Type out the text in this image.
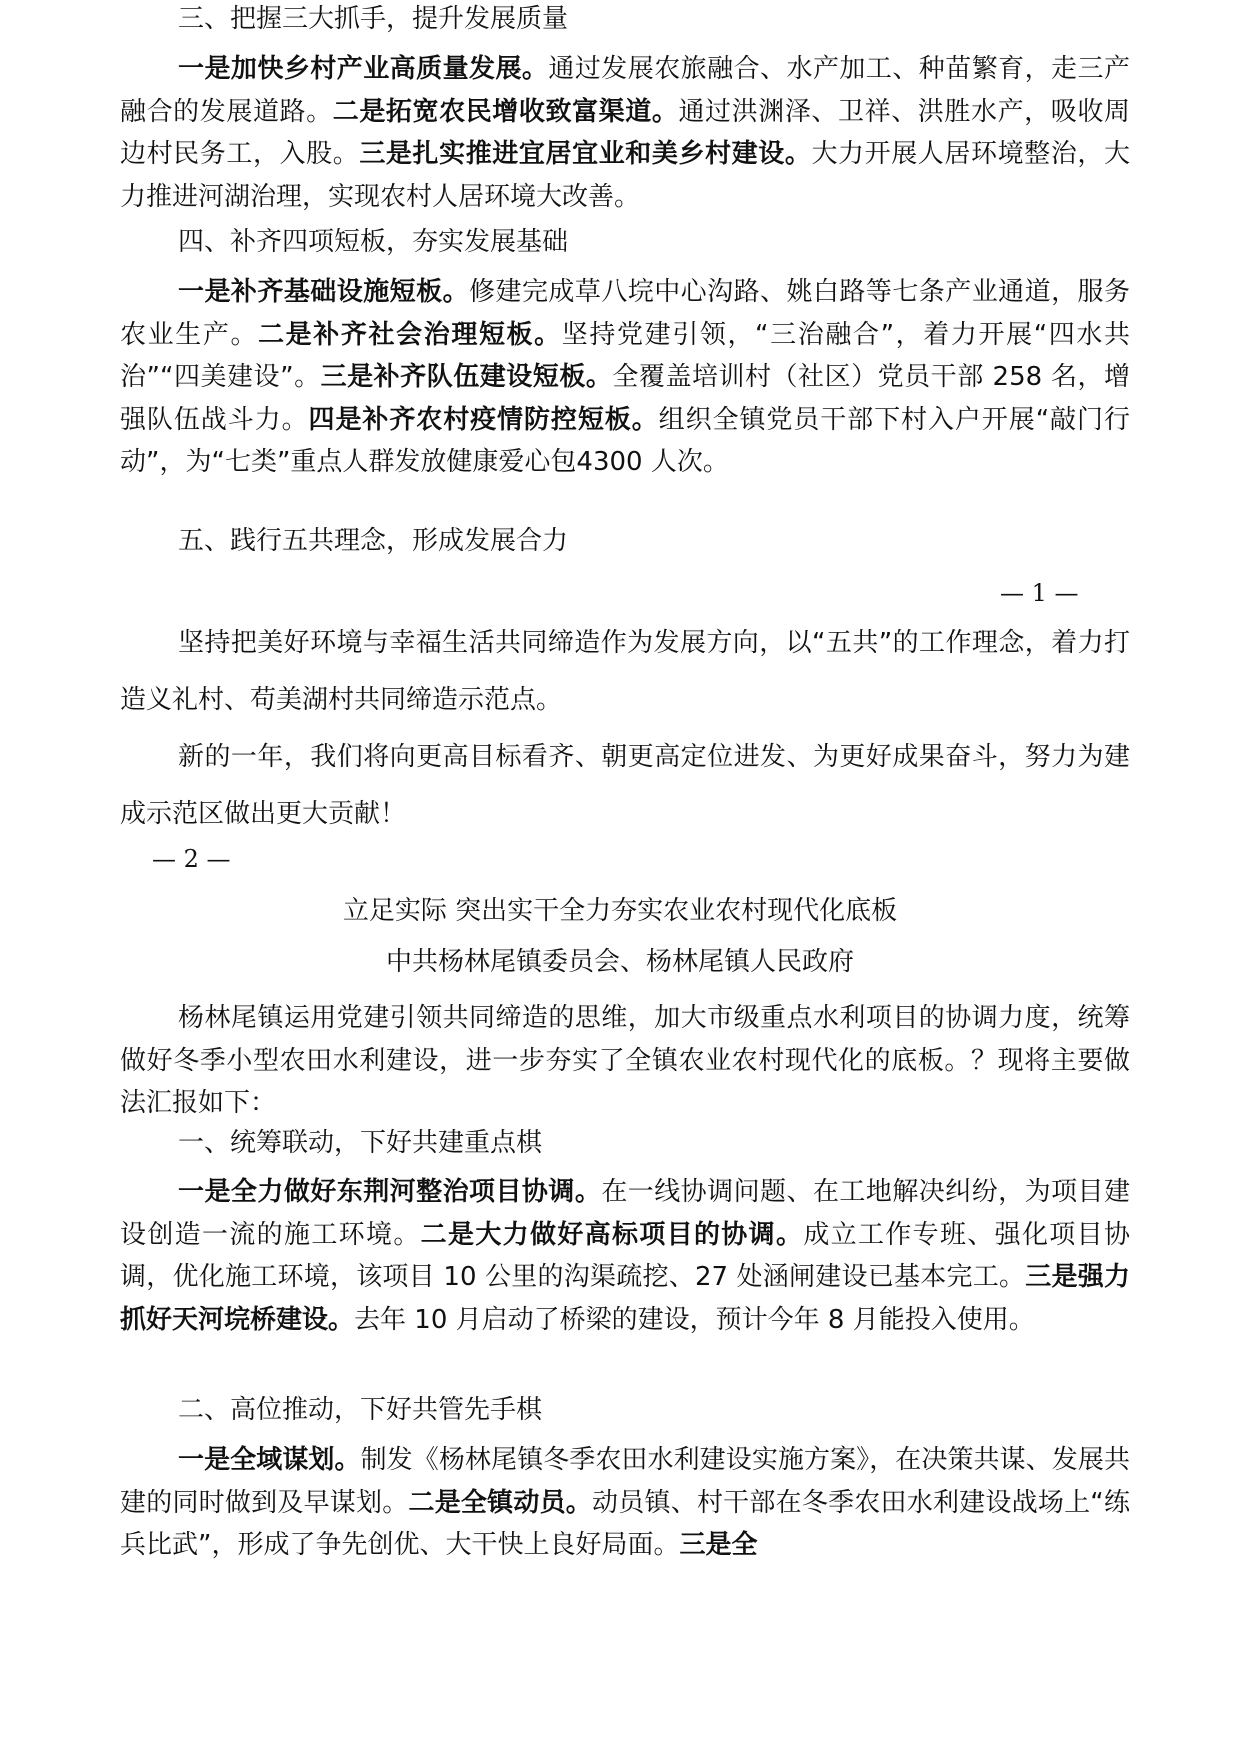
三、把握三大抓手，提升发展质量

一是加快乡村产业高质量发展。通过发展农旅融合、水产加工、种苗繁育，走三产融合的发展道路。二是拓宽农民增收致富渠道。通过洪渊泽、卫祥、洪胜水产，吸收周边村民务工，入股。三是扎实推进宜居宜业和美乡村建设。大力开展人居环境整治，大力推进河湖治理，实现农村人居环境大改善。

四、补齐四项短板，夯实发展基础

一是补齐基础设施短板。修建完成草八垸中心沟路、姚白路等七条产业通道，服务农业生产。二是补齐社会治理短板。坚持党建引领，“三治融合”，着力开展“四水共治”“四美建设”。三是补齐队伍建设短板。全覆盖培训村（社区）党员干部 258 名，增强队伍战斗力。四是补齐农村疫情防控短板。组织全镇党员干部下村入户开展“敲门行动”，为“七类”重点人群发放健康爱心包4300 人次。

五、践行五共理念，形成发展合力
— 1 —

坚持把美好环境与幸福生活共同缔造作为发展方向，以“五共”的工作理念，着力打造义礼村、苟美湖村共同缔造示范点。

新的一年，我们将向更高目标看齐、朝更高定位进发、为更好成果奋斗，努力为建成示范区做出更大贡献！

— 2 —
立足实际 突出实干全力夯实农业农村现代化底板
中共杨林尾镇委员会、杨林尾镇人民政府

杨林尾镇运用党建引领共同缔造的思维，加大市级重点水利项目的协调力度，统筹做好冬季小型农田水利建设，进一步夯实了全镇农业农村现代化的底板。？现将主要做法汇报如下：

一、统筹联动，下好共建重点棋

一是全力做好东荆河整治项目协调。在一线协调问题、在工地解决纠纷，为项目建设创造一流的施工环境。二是大力做好高标项目的协调。成立工作专班、强化项目协调，优化施工环境，该项目 10 公里的沟渠疏挖、27 处涵闸建设已基本完工。三是强力抓好天河垸桥建设。去年 10 月启动了桥梁的建设，预计今年 8 月能投入使用。

二、高位推动，下好共管先手棋

一是全域谋划。制发《杨林尾镇冬季农田水利建设实施方案》，在决策共谋、发展共建的同时做到及早谋划。二是全镇动员。动员镇、村干部在冬季农田水利建设战场上“练兵比武”，形成了争先创优、大干快上良好局面。三是全
